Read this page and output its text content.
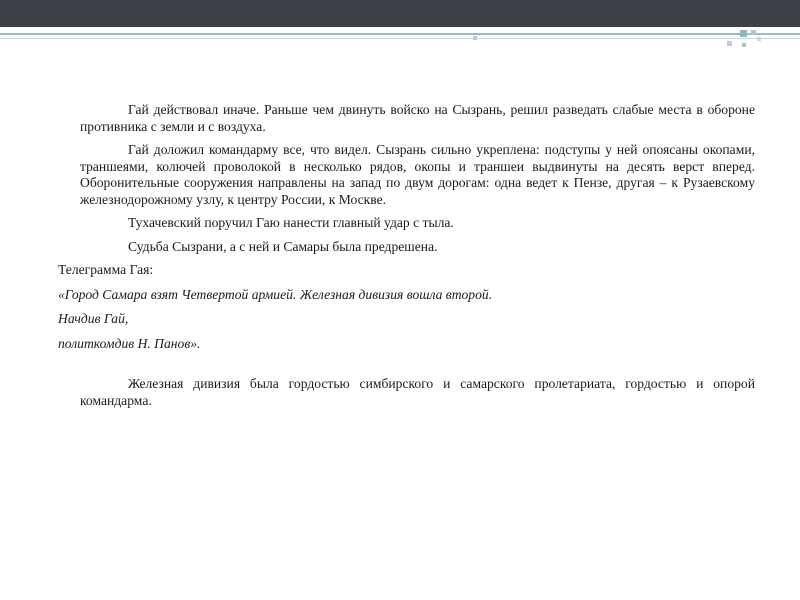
Гай действовал иначе. Раньше чем двинуть войско на Сызрань, решил разведать слабые места в обороне противника с земли и с воздуха.

Гай доложил командарму все, что видел. Сызрань сильно укреплена: подступы у ней опоясаны окопами, траншеями, колючей проволокой в несколько рядов, окопы и траншеи выдвинуты на десять верст вперед. Оборонительные сооружения направлены на запад по двум дорогам: одна ведет к Пензе, другая – к Рузаевскому железнодорожному узлу, к центру России, к Москве.

Тухачевский поручил Гаю нанести главный удар с тыла.

Судьба Сызрани, а с ней и Самары была предрешена.

Телеграмма Гая:

«Город Самара взят Четвертой армией. Железная дивизия вошла второй.

Начдив Гай,

политкомдив Н. Панов».

Железная дивизия была гордостью симбирского и самарского пролетариата, гордостью и опорой командарма.
